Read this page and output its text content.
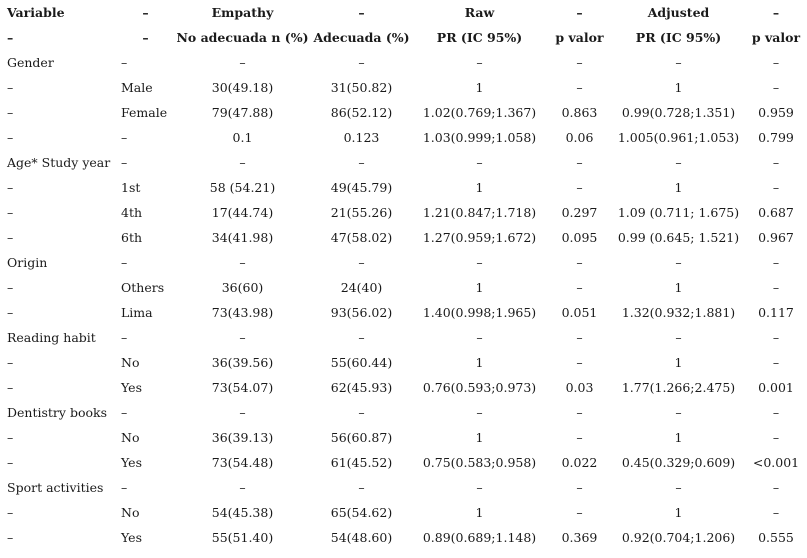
Variable	–	Empathy	–	Raw	–	Adjusted	–
–	–	No adecuada n (%)	Adecuada (%)	PR (IC 95%)	p valor	PR (IC 95%)	p valor
Gender	–	–	–	–	–	–	–
–	Male	30(49.18)	31(50.82)	1	–	1	–
–	Female	79(47.88)	86(52.12)	1.02(0.769;1.367)	0.863	0.99(0.728;1.351)	0.959
–	–	0.1	0.123	1.03(0.999;1.058)	0.06	1.005(0.961;1.053)	0.799
Age* Study year	–	–	–	–	–	–	–
–	1st	58 (54.21)	49(45.79)	1	–	1	–
–	4th	17(44.74)	21(55.26)	1.21(0.847;1.718)	0.297	1.09 (0.711; 1.675)	0.687
–	6th	34(41.98)	47(58.02)	1.27(0.959;1.672)	0.095	0.99 (0.645; 1.521)	0.967
Origin	–	–	–	–	–	–	–
–	Others	36(60)	24(40)	1	–	1	–
–	Lima	73(43.98)	93(56.02)	1.40(0.998;1.965)	0.051	1.32(0.932;1.881)	0.117
Reading habit	–	–	–	–	–	–	–
–	No	36(39.56)	55(60.44)	1	–	1	–
–	Yes	73(54.07)	62(45.93)	0.76(0.593;0.973)	0.03	1.77(1.266;2.475)	0.001
Dentistry books	–	–	–	–	–	–	–
–	No	36(39.13)	56(60.87)	1	–	1	–
–	Yes	73(54.48)	61(45.52)	0.75(0.583;0.958)	0.022	0.45(0.329;0.609)	<0.001
Sport activities	–	–	–	–	–	–	–
–	No	54(45.38)	65(54.62)	1	–	1	–
–	Yes	55(51.40)	54(48.60)	0.89(0.689;1.148)	0.369	0.92(0.704;1.206)	0.555
